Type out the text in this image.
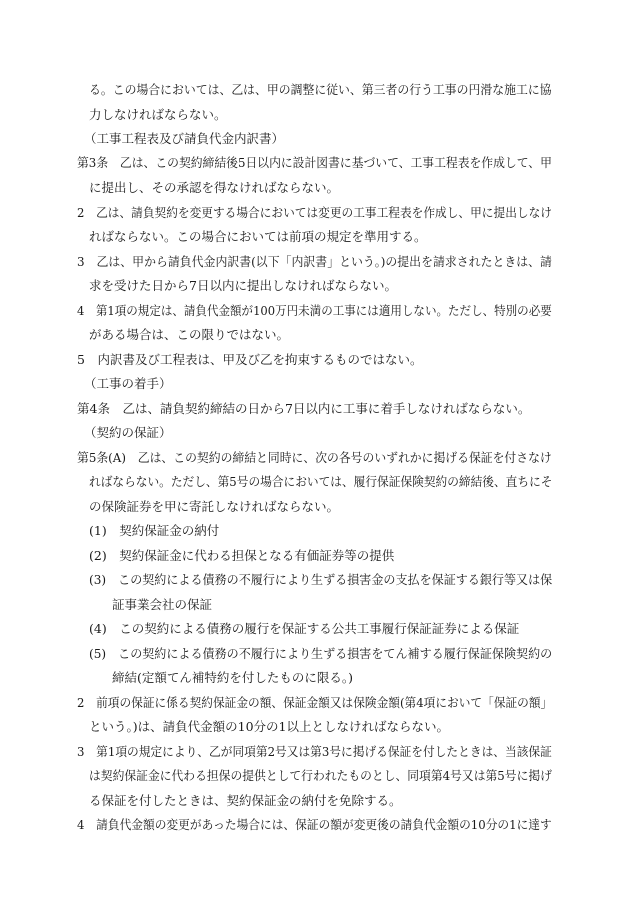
る。この場合においては、乙は、甲の調整に従い、第三者の行う工事の円滑な施工に協
力しなければならない。
（工事工程表及び請負代金内訳書）
第3条　乙は、この契約締結後5日以内に設計図書に基づいて、工事工程表を作成して、甲
に提出し、その承認を得なければならない。
2　乙は、請負契約を変更する場合においては変更の工事工程表を作成し、甲に提出しなけ
ればならない。この場合においては前項の規定を準用する。
3　乙は、甲から請負代金内訳書(以下「内訳書」という。)の提出を請求されたときは、請
求を受けた日から7日以内に提出しなければならない。
4　第1項の規定は、請負代金額が100万円未満の工事には適用しない。ただし、特別の必要
がある場合は、この限りではない。
5　内訳書及び工程表は、甲及び乙を拘束するものではない。
（工事の着手）
第4条　乙は、請負契約締結の日から7日以内に工事に着手しなければならない。
（契約の保証）
第5条(A)　乙は、この契約の締結と同時に、次の各号のいずれかに掲げる保証を付さなけ
ればならない。ただし、第5号の場合においては、履行保証保険契約の締結後、直ちにそ
の保険証券を甲に寄託しなければならない。
(1)　契約保証金の納付
(2)　契約保証金に代わる担保となる有価証券等の提供
(3)　この契約による債務の不履行により生ずる損害金の支払を保証する銀行等又は保
証事業会社の保証
(4)　この契約による債務の履行を保証する公共工事履行保証証券による保証
(5)　この契約による債務の不履行により生ずる損害をてん補する履行保証保険契約の
締結(定額てん補特約を付したものに限る。)
2　前項の保証に係る契約保証金の額、保証金額又は保険金額(第4項において「保証の額」
という。)は、請負代金額の10分の1以上としなければならない。
3　第1項の規定により、乙が同項第2号又は第3号に掲げる保証を付したときは、当該保証
は契約保証金に代わる担保の提供として行われたものとし、同項第4号又は第5号に掲げ
る保証を付したときは、契約保証金の納付を免除する。
4　請負代金額の変更があった場合には、保証の額が変更後の請負代金額の10分の1に達す
